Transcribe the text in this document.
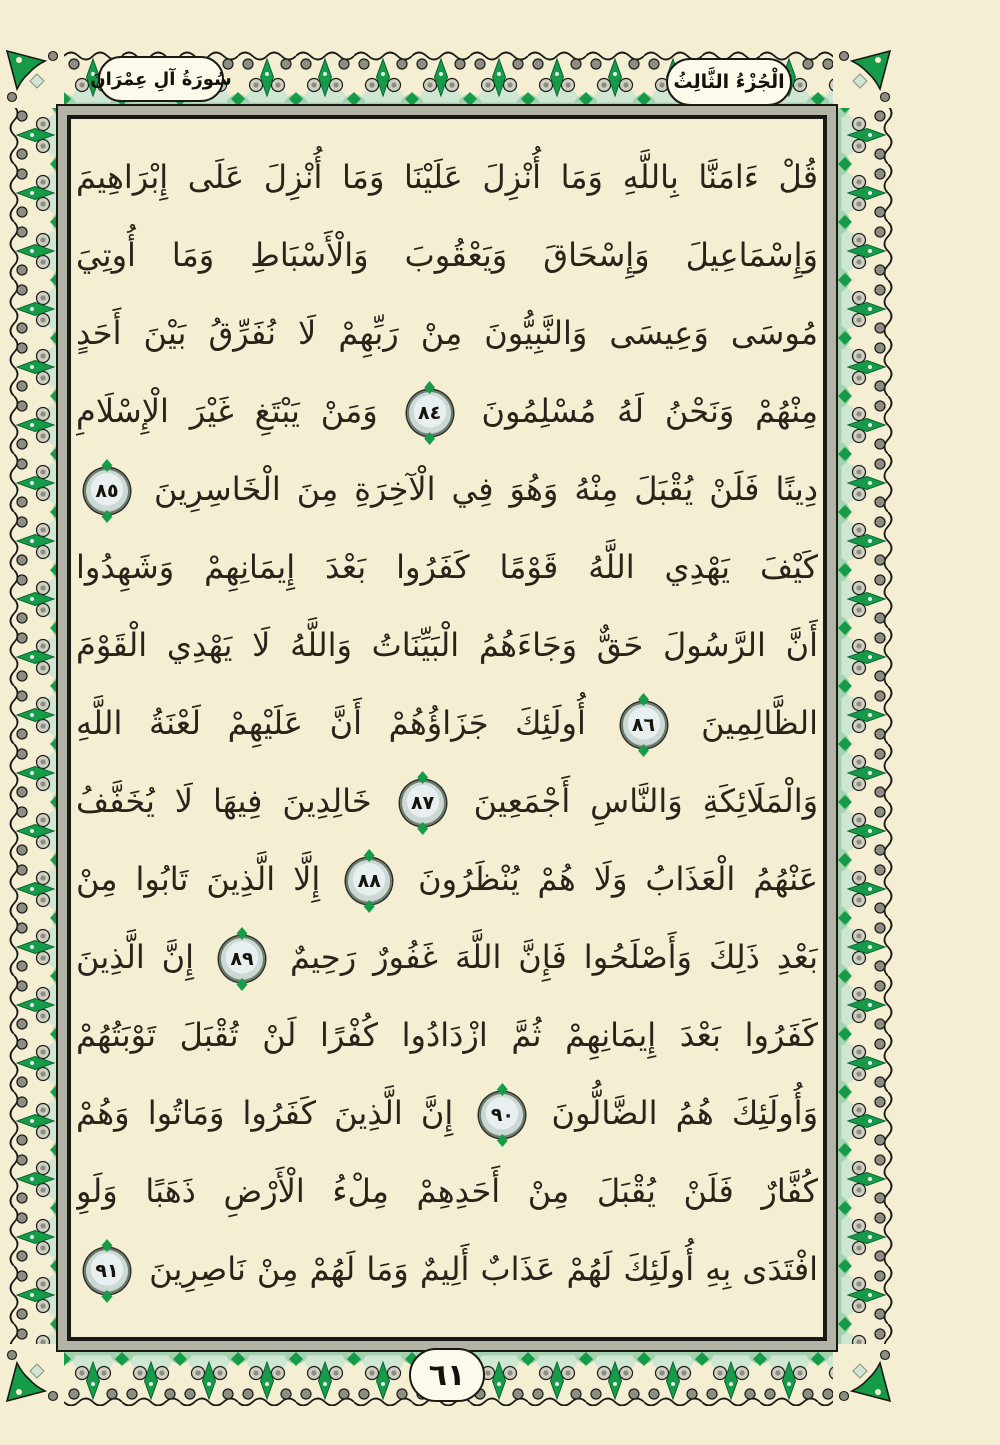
سُورَةُ آلِ عِمْرَانَ	الْجُزْءُ الثَّالِثُ
قُلْ ءَامَنَّا بِاللَّهِ وَمَا أُنْزِلَ عَلَيْنَا وَمَا أُنْزِلَ عَلَى إِبْرَاهِيمَ
وَإِسْمَاعِيلَ وَإِسْحَاقَ وَيَعْقُوبَ وَالْأَسْبَاطِ وَمَا أُوتِيَ
مُوسَى وَعِيسَى وَالنَّبِيُّونَ مِنْ رَبِّهِمْ لَا نُفَرِّقُ بَيْنَ أَحَدٍ
مِنْهُمْ وَنَحْنُ لَهُ مُسْلِمُونَ
٨٤
وَمَنْ يَبْتَغِ غَيْرَ الْإِسْلَامِ
دِينًا فَلَنْ يُقْبَلَ مِنْهُ وَهُوَ فِي الْآخِرَةِ مِنَ الْخَاسِرِينَ
٨٥
كَيْفَ يَهْدِي اللَّهُ قَوْمًا كَفَرُوا بَعْدَ إِيمَانِهِمْ وَشَهِدُوا
أَنَّ الرَّسُولَ حَقٌّ وَجَاءَهُمُ الْبَيِّنَاتُ وَاللَّهُ لَا يَهْدِي الْقَوْمَ
الظَّالِمِينَ
٨٦
أُولَئِكَ جَزَاؤُهُمْ أَنَّ عَلَيْهِمْ لَعْنَةُ اللَّهِ
وَالْمَلَائِكَةِ وَالنَّاسِ أَجْمَعِينَ
٨٧
خَالِدِينَ فِيهَا لَا يُخَفَّفُ
عَنْهُمُ الْعَذَابُ وَلَا هُمْ يُنْظَرُونَ
٨٨
إِلَّا الَّذِينَ تَابُوا مِنْ
بَعْدِ ذَلِكَ وَأَصْلَحُوا فَإِنَّ اللَّهَ غَفُورٌ رَحِيمٌ
٨٩
إِنَّ الَّذِينَ
كَفَرُوا بَعْدَ إِيمَانِهِمْ ثُمَّ ازْدَادُوا كُفْرًا لَنْ تُقْبَلَ تَوْبَتُهُمْ
وَأُولَئِكَ هُمُ الضَّالُّونَ
٩٠
إِنَّ الَّذِينَ كَفَرُوا وَمَاتُوا وَهُمْ
كُفَّارٌ فَلَنْ يُقْبَلَ مِنْ أَحَدِهِمْ مِلْءُ الْأَرْضِ ذَهَبًا وَلَوِ
افْتَدَى بِهِ أُولَئِكَ لَهُمْ عَذَابٌ أَلِيمٌ وَمَا لَهُمْ مِنْ نَاصِرِينَ
٩١
٦١
